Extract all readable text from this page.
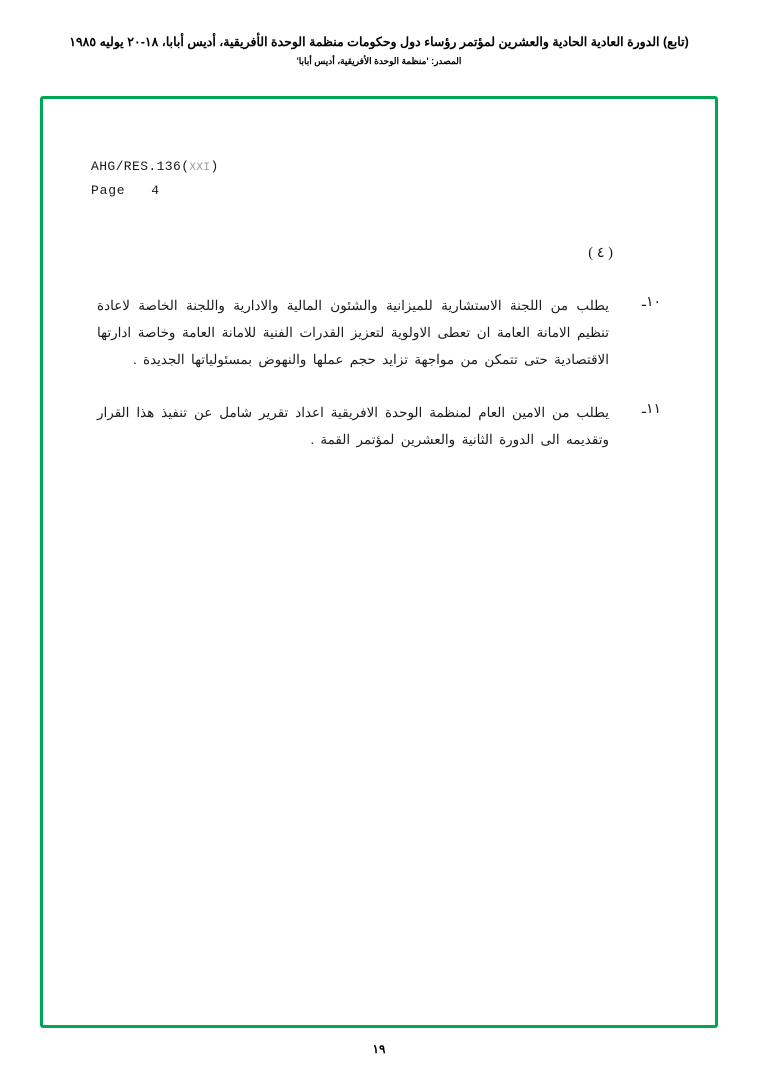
(تابع) الدورة العادية الحادية والعشرين لمؤتمر رؤساء دول وحكومات منظمة الوحدة الأفريقية، أديس أبابا، ١٨-٢٠ يوليه ١٩٨٥
المصدر: 'منظمة الوحدة الأفريقية، أديس أبابا'
AHG/RES.136(XXI)
Page 4
( ٤ )
١٠ـ
يطلب من اللجنة الاستشارية للميزانية والشئون المالية والادارية واللجنة الخاصة لاعادة تنظيم الامانة العامة ان تعطى الاولوية لتعزيز القدرات الفنية للامانة العامة وخاصة ادارتها الاقتصادية حتى تتمكن من مواجهة تزايد حجم عملها والنهوض بمسئولياتها الجديدة .
١١ـ
يطلب من الامين العام لمنظمة الوحدة الافريقية اعداد تقرير شامل عن تنفيذ هذا القرار وتقديمه الى الدورة الثانية والعشرين لمؤتمر القمة .
١٩
